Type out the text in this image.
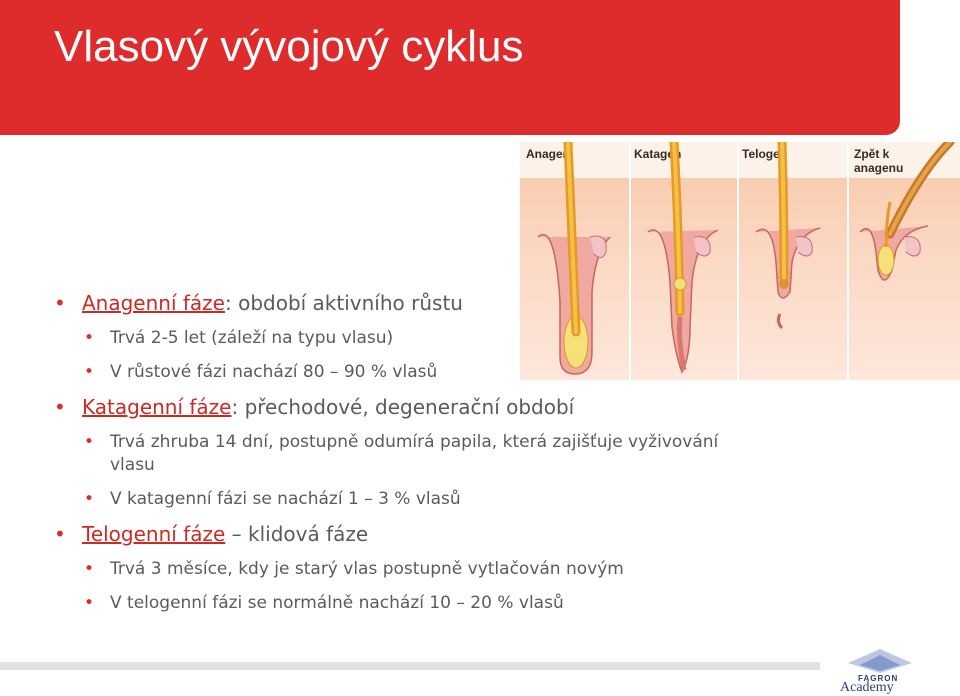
Vlasový vývojový cyklus
Anagen	Katagen	Telogen	Zpět k
anagenu
• Anagenní fáze: období aktivního růstu
• Trvá 2-5 let (záleží na typu vlasu)
• V růstové fázi nachází 80 – 90 % vlasů
• Katagenní fáze: přechodové, degenerační období
• Trvá zhruba 14 dní, postupně odumírá papila, která zajišťuje vyživování vlasu
• V katagenní fázi se nachází 1 – 3 % vlasů
• Telogenní fáze – klidová fáze
• Trvá 3 měsíce, kdy je starý vlas postupně vytlačován novým
• V telogenní fázi se normálně nachází 10 – 20 % vlasů
FAGRON
Academy
